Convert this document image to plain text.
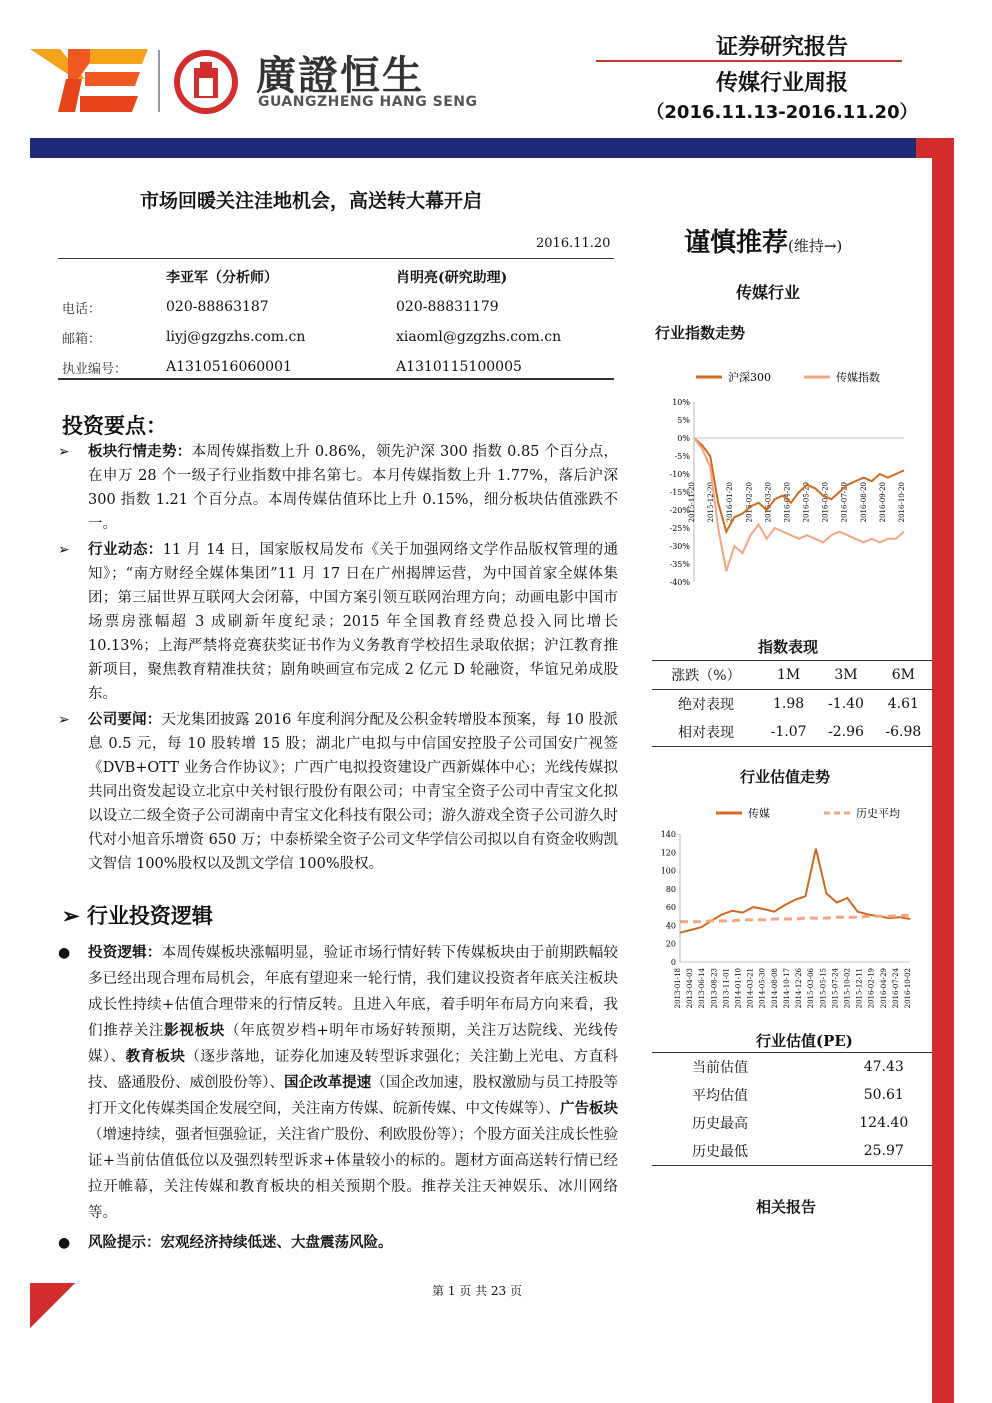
廣證恒生
GUANGZHENG HANG SENG
证券研究报告
传媒行业周报
（2016.11.13-2016.11.20）
市场回暖关注洼地机会，高送转大幕开启
2016.11.20
	李亚军（分析师）	肖明亮(研究助理)
电话：	020-88863187	020-88831179
邮箱：	liyj@gzgzhs.com.cn	xiaoml@gzgzhs.com.cn
执业编号：	A1310516060001	A1310115100005
投资要点：
➢	板块行情走势：本周传媒指数上升 0.86%，领先沪深 300 指数 0.85 个百分点，在申万 28 个一级子行业指数中排名第七。本月传媒指数上升 1.77%，落后沪深 300 指数 1.21 个百分点。本周传媒估值环比上升 0.15%，细分板块估值涨跌不一。
➢	行业动态：11 月 14 日，国家版权局发布《关于加强网络文学作品版权管理的通知》；“南方财经全媒体集团”11 月 17 日在广州揭牌运营，为中国首家全媒体集团；第三届世界互联网大会闭幕，中国方案引领互联网治理方向；动画电影中国市场票房涨幅超 3 成刷新年度纪录；2015 年全国教育经费总投入同比增长 10.13%；上海严禁将竞赛获奖证书作为义务教育学校招生录取依据；沪江教育推新项目，聚焦教育精准扶贫；剧角映画宣布完成 2 亿元 D 轮融资，华谊兄弟成股东。
➢	公司要闻：天龙集团披露 2016 年度利润分配及公积金转增股本预案，每 10 股派息 0.5 元，每 10 股转增 15 股；湖北广电拟与中信国安控股子公司国安广视签《DVB+OTT 业务合作协议》；广西广电拟投资建设广西新媒体中心；光线传媒拟共同出资发起设立北京中关村银行股份有限公司；中青宝全资子公司中青宝文化拟以设立二级全资子公司湖南中青宝文化科技有限公司；游久游戏全资子公司游久时代对小旭音乐增资 650 万；中泰桥梁全资子公司文华学信公司拟以自有资金收购凯文智信 100%股权以及凯文学信 100%股权。
➢ 行业投资逻辑
●	投资逻辑：本周传媒板块涨幅明显，验证市场行情好转下传媒板块由于前期跌幅较多已经出现合理布局机会，年底有望迎来一轮行情，我们建议投资者年底关注板块成长性持续+估值合理带来的行情反转。且进入年底，着手明年布局方向来看，我们推荐关注影视板块（年底贺岁档+明年市场好转预期，关注万达院线、光线传媒）、教育板块（逐步落地，证券化加速及转型诉求强化；关注勤上光电、方直科技、盛通股份、威创股份等）、国企改革提速（国企改加速，股权激励与员工持股等打开文化传媒类国企发展空间，关注南方传媒、皖新传媒、中文传媒等）、广告板块（增速持续，强者恒强验证，关注省广股份、利欧股份等）；个股方面关注成长性验证+当前估值低位以及强烈转型诉求+体量较小的标的。题材方面高送转行情已经拉开帷幕，关注传媒和教育板块的相关预期个股。推荐关注天神娱乐、冰川网络等。
●	风险提示：宏观经济持续低迷、大盘震荡风险。
第 1 页 共 23 页
谨慎推荐(维持→)
传媒行业
行业指数走势
沪深300	传媒指数
10%
5%
0%
-5%
-10%
-15%
-20%
-25%
-30%
-35%
-40%
2015-11-20 2015-12-20 2016-01-20 2016-02-20 2016-03-20 2016-04-20 2016-05-20 2016-06-20 2016-07-20 2016-08-20 2016-09-20 2016-10-20
指数表现
涨跌（%）	1M	3M	6M
绝对表现	1.98	-1.40	4.61
相对表现	-1.07	-2.96	-6.98
行业估值走势
传媒	历史平均
140
120
100
80
60
40
20
0
2013-01-18 2013-04-03 2013-06-14 2013-08-23 2013-11-01 2014-01-10 2014-03-21 2014-05-30 2014-08-08 2014-10-17 2014-12-26 2015-03-06 2015-05-15 2015-07-24 2015-10-02 2015-12-11 2016-02-19 2016-04-29 2016-07-24 2016-10-02
行业估值(PE)
当前估值	47.43
平均估值	50.61
历史最高	124.40
历史最低	25.97
相关报告
